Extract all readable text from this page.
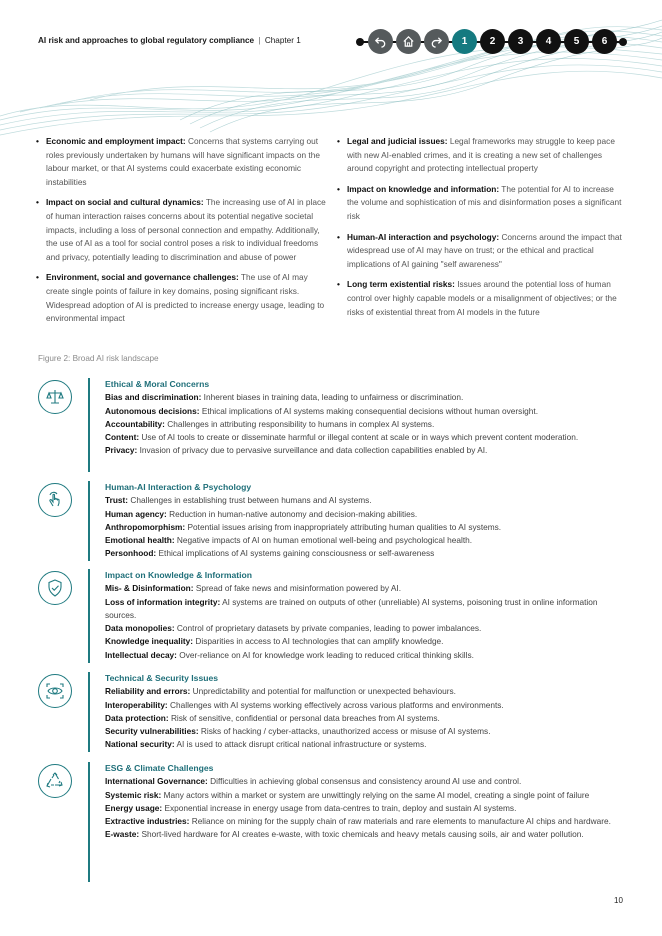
AI risk and approaches to global regulatory compliance | Chapter 1	1	2	3	4	5	6
• Economic and employment impact: Concerns that systems carrying out roles previously undertaken by humans will have significant impacts on the labour market, or that AI systems could exacerbate existing economic instabilities
• Impact on social and cultural dynamics: The increasing use of AI in place of human interaction raises concerns about its potential negative societal impacts, including a loss of personal connection and empathy. Additionally, the use of AI as a tool for social control poses a risk to individual freedoms and privacy, potentially leading to discrimination and abuse of power
• Environment, social and governance challenges: The use of AI may create single points of failure in key domains, posing significant risks. Widespread adoption of AI is predicted to increase energy usage, leading to environmental impact
• Legal and judicial issues: Legal frameworks may struggle to keep pace with new AI-enabled crimes, and it is creating a new set of challenges around copyright and protecting intellectual property
• Impact on knowledge and information: The potential for AI to increase the volume and sophistication of mis and disinformation poses a significant risk
• Human-AI interaction and psychology: Concerns around the impact that widespread use of AI may have on trust; or the ethical and practical implications of AI gaining "self awareness"
• Long term existential risks: Issues around the potential loss of human control over highly capable models or a misalignment of objectives; or the risks of existential threat from AI models in the future
Figure 2: Broad AI risk landscape
Ethical & Moral Concerns
Bias and discrimination: Inherent biases in training data, leading to unfairness or discrimination.
Autonomous decisions: Ethical implications of AI systems making consequential decisions without human oversight.
Accountability: Challenges in attributing responsibility to humans in complex AI systems.
Content: Use of AI tools to create or disseminate harmful or illegal content at scale or in ways which prevent content moderation.
Privacy: Invasion of privacy due to pervasive surveillance and data collection capabilities enabled by AI.
Human-AI Interaction & Psychology
Trust: Challenges in establishing trust between humans and AI systems.
Human agency: Reduction in human-native autonomy and decision-making abilities.
Anthropomorphism: Potential issues arising from inappropriately attributing human qualities to AI systems.
Emotional health: Negative impacts of AI on human emotional well-being and psychological health.
Personhood: Ethical implications of AI systems gaining consciousness or self-awareness
Impact on Knowledge & Information
Mis- & Disinformation: Spread of fake news and misinformation powered by AI.
Loss of information integrity: AI systems are trained on outputs of other (unreliable) AI systems, poisoning trust in online information sources.
Data monopolies: Control of proprietary datasets by private companies, leading to power imbalances.
Knowledge inequality: Disparities in access to AI technologies that can amplify knowledge.
Intellectual decay: Over-reliance on AI for knowledge work leading to reduced critical thinking skills.
Technical & Security Issues
Reliability and errors: Unpredictability and potential for malfunction or unexpected behaviours.
Interoperability: Challenges with AI systems working effectively across various platforms and environments.
Data protection: Risk of sensitive, confidential or personal data breaches from AI systems.
Security vulnerabilities: Risks of hacking / cyber-attacks, unauthorized access or misuse of AI systems.
National security: AI is used to attack disrupt critical national infrastructure or systems.
ESG & Climate Challenges
International Governance: Difficulties in achieving global consensus and consistency around AI use and control.
Systemic risk: Many actors within a market or system are unwittingly relying on the same AI model, creating a single point of failure
Energy usage: Exponential increase in energy usage from data-centres to train, deploy and sustain AI systems.
Extractive industries: Reliance on mining for the supply chain of raw materials and rare elements to manufacture AI chips and hardware.
E-waste: Short-lived hardware for AI creates e-waste, with toxic chemicals and heavy metals causing soils, air and water pollution.
10
